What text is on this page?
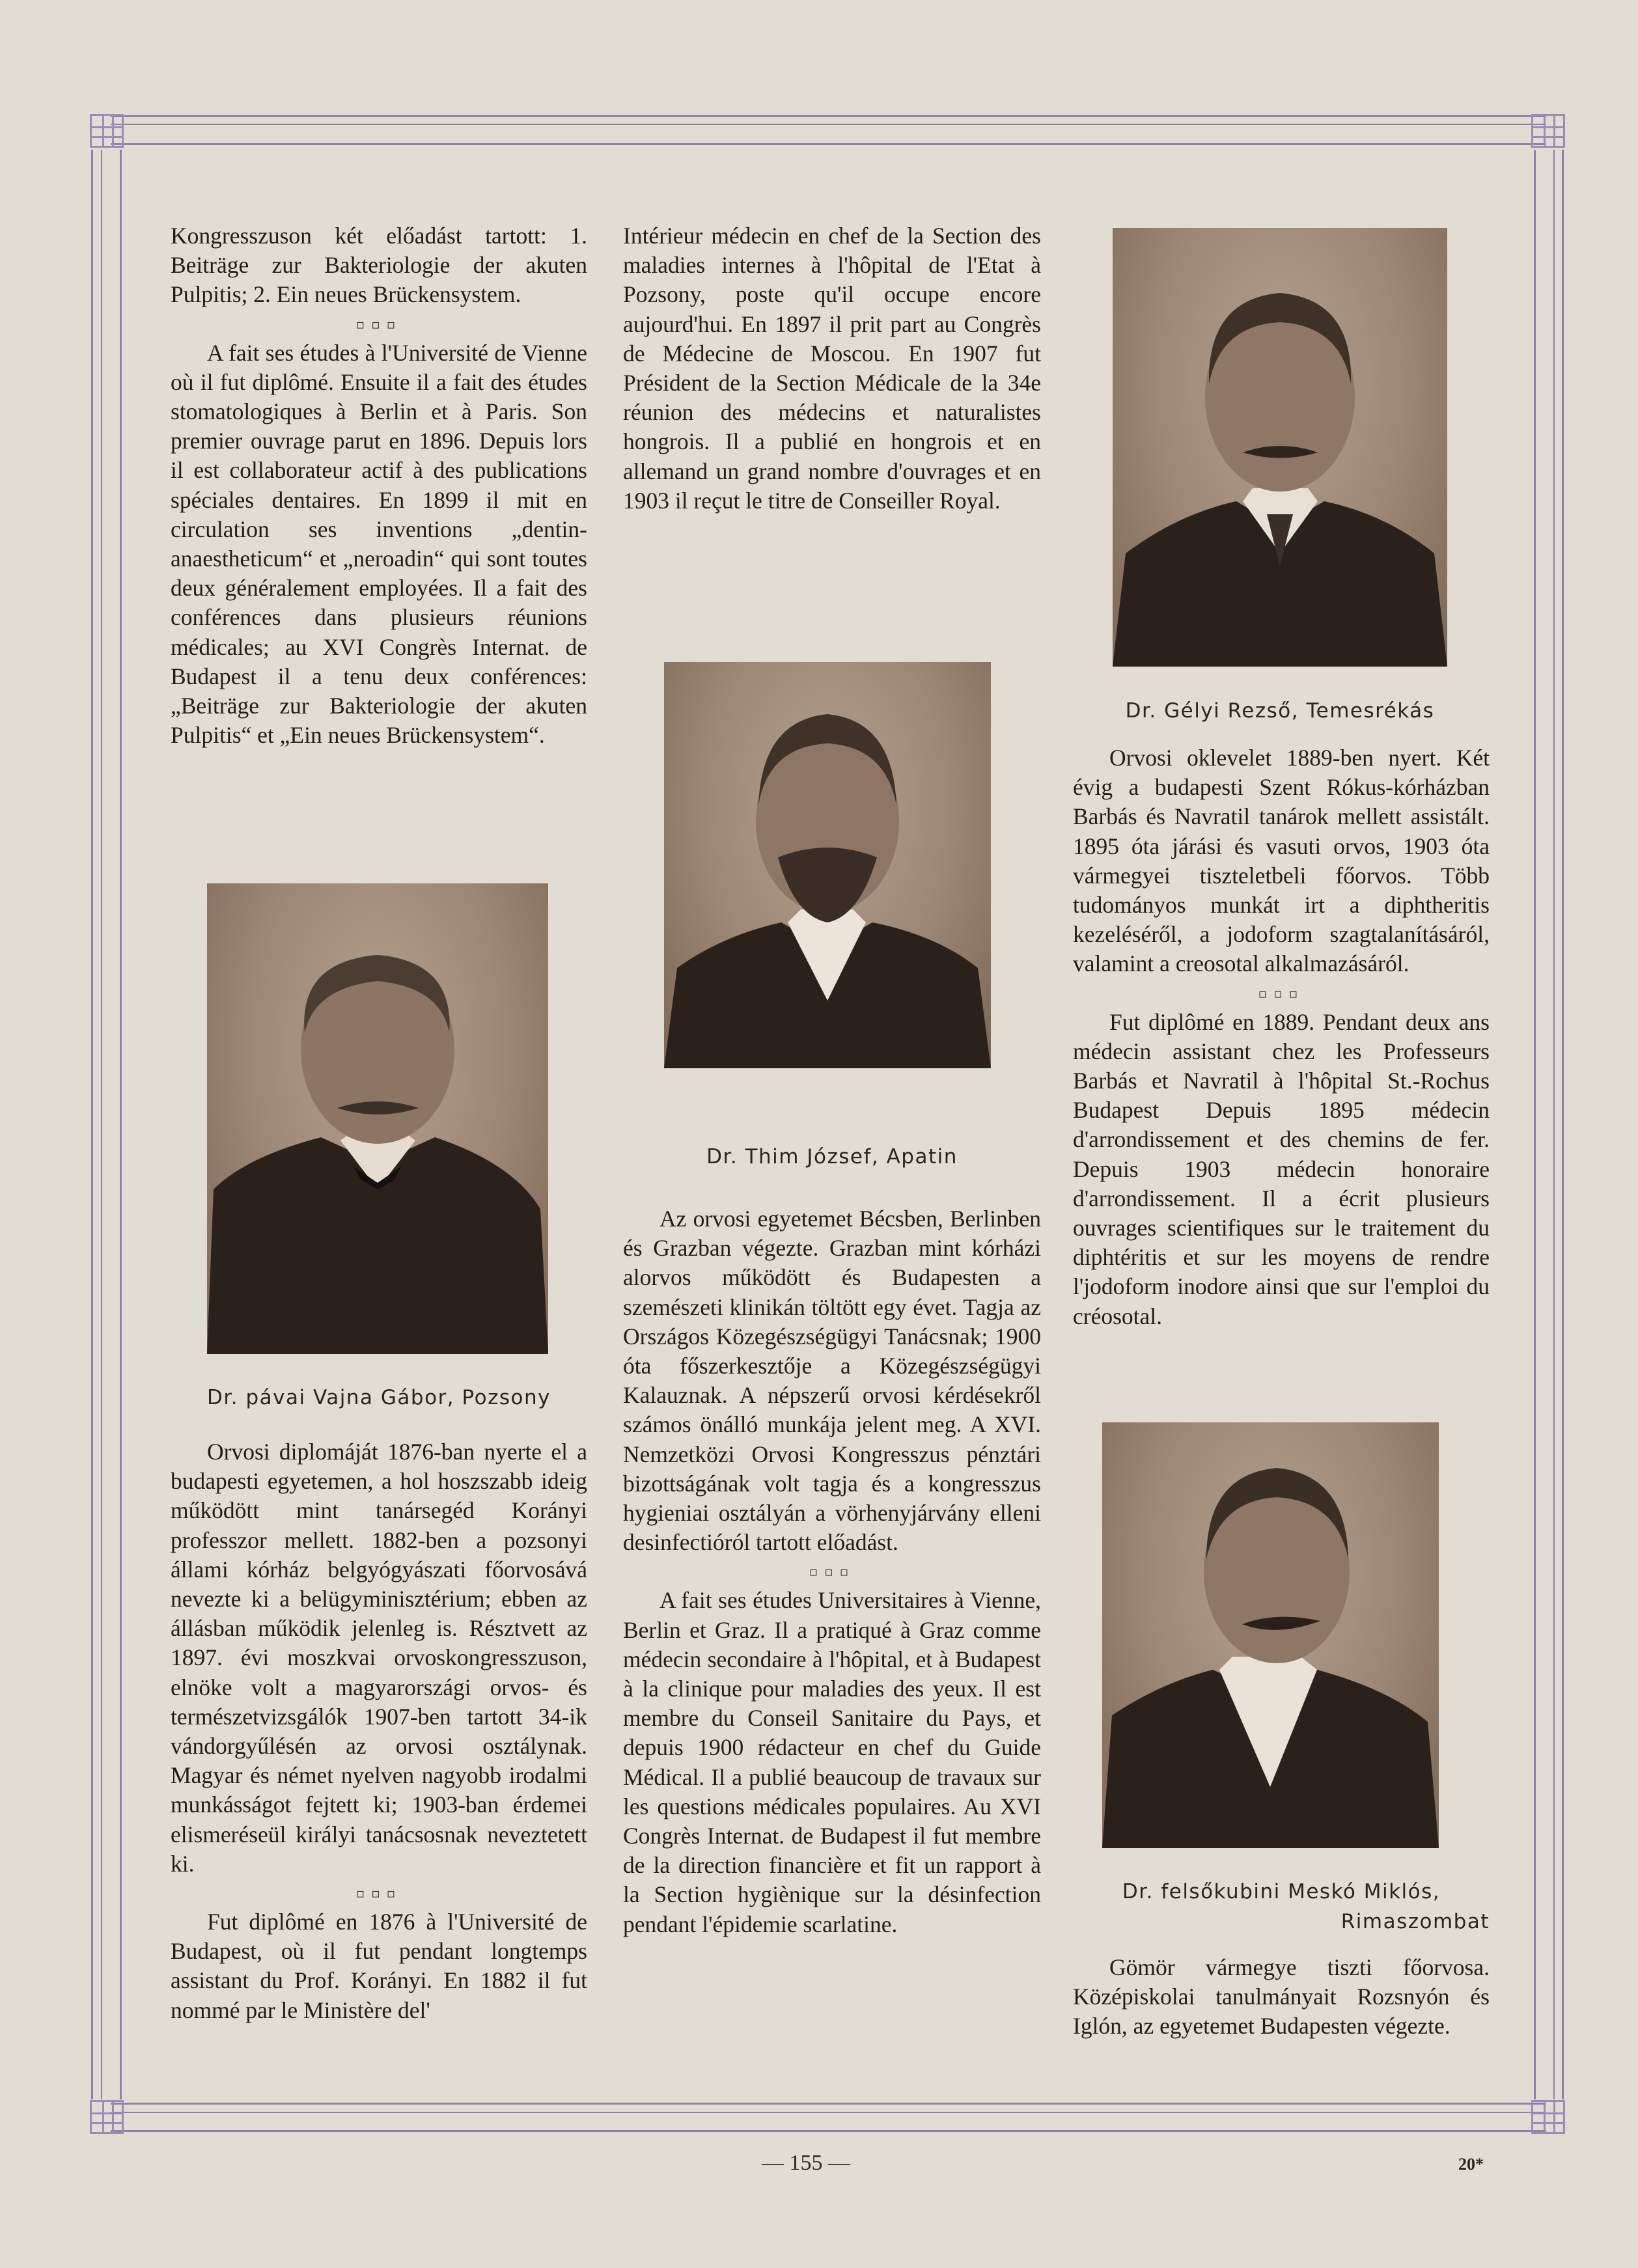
Kongresszuson két előadást tartott: 1. Beiträge zur Bakteriologie der akuten Pulpitis; 2. Ein neues Brückensystem.

▫▫▫

A fait ses études à l'Université de Vienne où il fut diplômé. Ensuite il a fait des études stomatologiques à Berlin et à Paris. Son premier ouvrage parut en 1896. Depuis lors il est collaborateur actif à des publications spéciales dentaires. En 1899 il mit en circulation ses inventions „dentin-anaestheticum“ et „neroadin“ qui sont toutes deux généralement employées. Il a fait des conférences dans plusieurs réunions médicales; au XVI Congrès Internat. de Budapest il a tenu deux conférences: „Beiträge zur Bakteriologie der akuten Pulpitis“ et „Ein neues Brückensystem“.

Dr. pávai Vajna Gábor, Pozsony

Orvosi diplomáját 1876-ban nyerte el a budapesti egyetemen, a hol hoszszabb ideig működött mint tanársegéd Korányi professzor mellett. 1882-ben a pozsonyi állami kórház belgyógyászati főorvosává nevezte ki a belügyminisztérium; ebben az állásban működik jelenleg is. Résztvett az 1897. évi moszkvai orvoskongresszuson, elnöke volt a magyarországi orvos- és természetvizsgálók 1907-ben tartott 34-ik vándorgyűlésén az orvosi osztálynak. Magyar és német nyelven nagyobb irodalmi munkásságot fejtett ki; 1903-ban érdemei elismeréseül királyi tanácsosnak neveztetett ki.

▫▫▫

Fut diplômé en 1876 à l'Université de Budapest, où il fut pendant longtemps assistant du Prof. Korányi. En 1882 il fut nommé par le Ministère del'

Intérieur médecin en chef de la Section des maladies internes à l'hôpital de l'Etat à Pozsony, poste qu'il occupe encore aujourd'hui. En 1897 il prit part au Congrès de Médecine de Moscou. En 1907 fut Président de la Section Médicale de la 34e réunion des médecins et naturalistes hongrois. Il a publié en hongrois et en allemand un grand nombre d'ouvrages et en 1903 il reçut le titre de Conseiller Royal.

Dr. Thim József, Apatin

Az orvosi egyetemet Bécsben, Berlinben és Grazban végezte. Grazban mint kórházi alorvos működött és Budapesten a szemészeti klinikán töltött egy évet. Tagja az Országos Közegészségügyi Tanácsnak; 1900 óta főszerkesztője a Közegészségügyi Kalauznak. A népszerű orvosi kérdésekről számos önálló munkája jelent meg. A XVI. Nemzetközi Orvosi Kongresszus pénztári bizottságának volt tagja és a kongresszus hygieniai osztályán a vörhenyjárvány elleni desinfectióról tartott előadást.

▫▫▫

A fait ses études Universitaires à Vienne, Berlin et Graz. Il a pratiqué à Graz comme médecin secondaire à l'hôpital, et à Budapest à la clinique pour maladies des yeux. Il est membre du Conseil Sanitaire du Pays, et depuis 1900 rédacteur en chef du Guide Médical. Il a publié beaucoup de travaux sur les questions médicales populaires. Au XVI Congrès Internat. de Budapest il fut membre de la direction financière et fit un rapport à la Section hygiènique sur la désinfection pendant l'épidemie scarlatine.

Dr. Gélyi Rezső, Temesrékás

Orvosi oklevelet 1889-ben nyert. Két évig a budapesti Szent Rókus-kórházban Barbás és Navratil tanárok mellett assistált. 1895 óta járási és vasuti orvos, 1903 óta vármegyei tiszteletbeli főorvos. Több tudományos munkát irt a diphtheritis kezeléséről, a jodoform szagtalanításáról, valamint a creosotal alkalmazásáról.

▫▫▫

Fut diplômé en 1889. Pendant deux ans médecin assistant chez les Professeurs Barbás et Navratil à l'hôpital St.-Rochus Budapest Depuis 1895 médecin d'arrondissement et des chemins de fer. Depuis 1903 médecin honoraire d'arrondissement. Il a écrit plusieurs ouvrages scientifiques sur le traitement du diphtéritis et sur les moyens de rendre l'jodoform inodore ainsi que sur l'emploi du créosotal.

Dr. felsőkubini Meskó Miklós,
Rimaszombat

Gömör vármegye tiszti főorvosa. Középiskolai tanulmányait Rozsnyón és Iglón, az egyetemet Budapesten végezte.

— 155 —	20*
